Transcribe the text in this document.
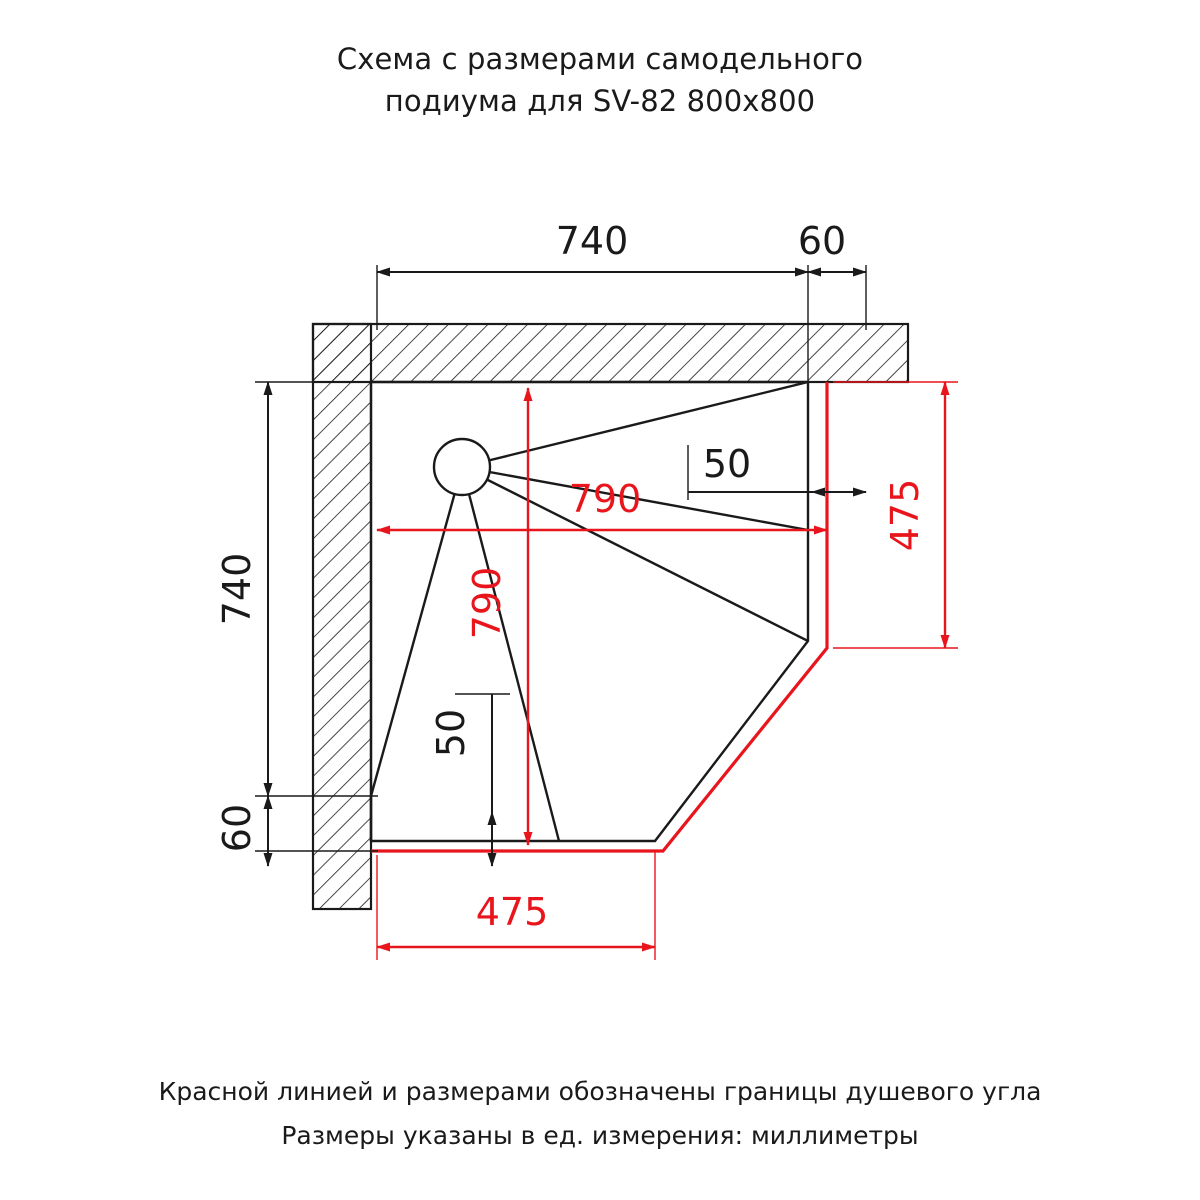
Схема с размерами самодельного
подиума для SV-82 800x800
740	60
740
60
50
50
790
790
475
475
Красной линией и размерами обозначены границы душевого угла
Размеры указаны в ед. измерения: миллиметры
